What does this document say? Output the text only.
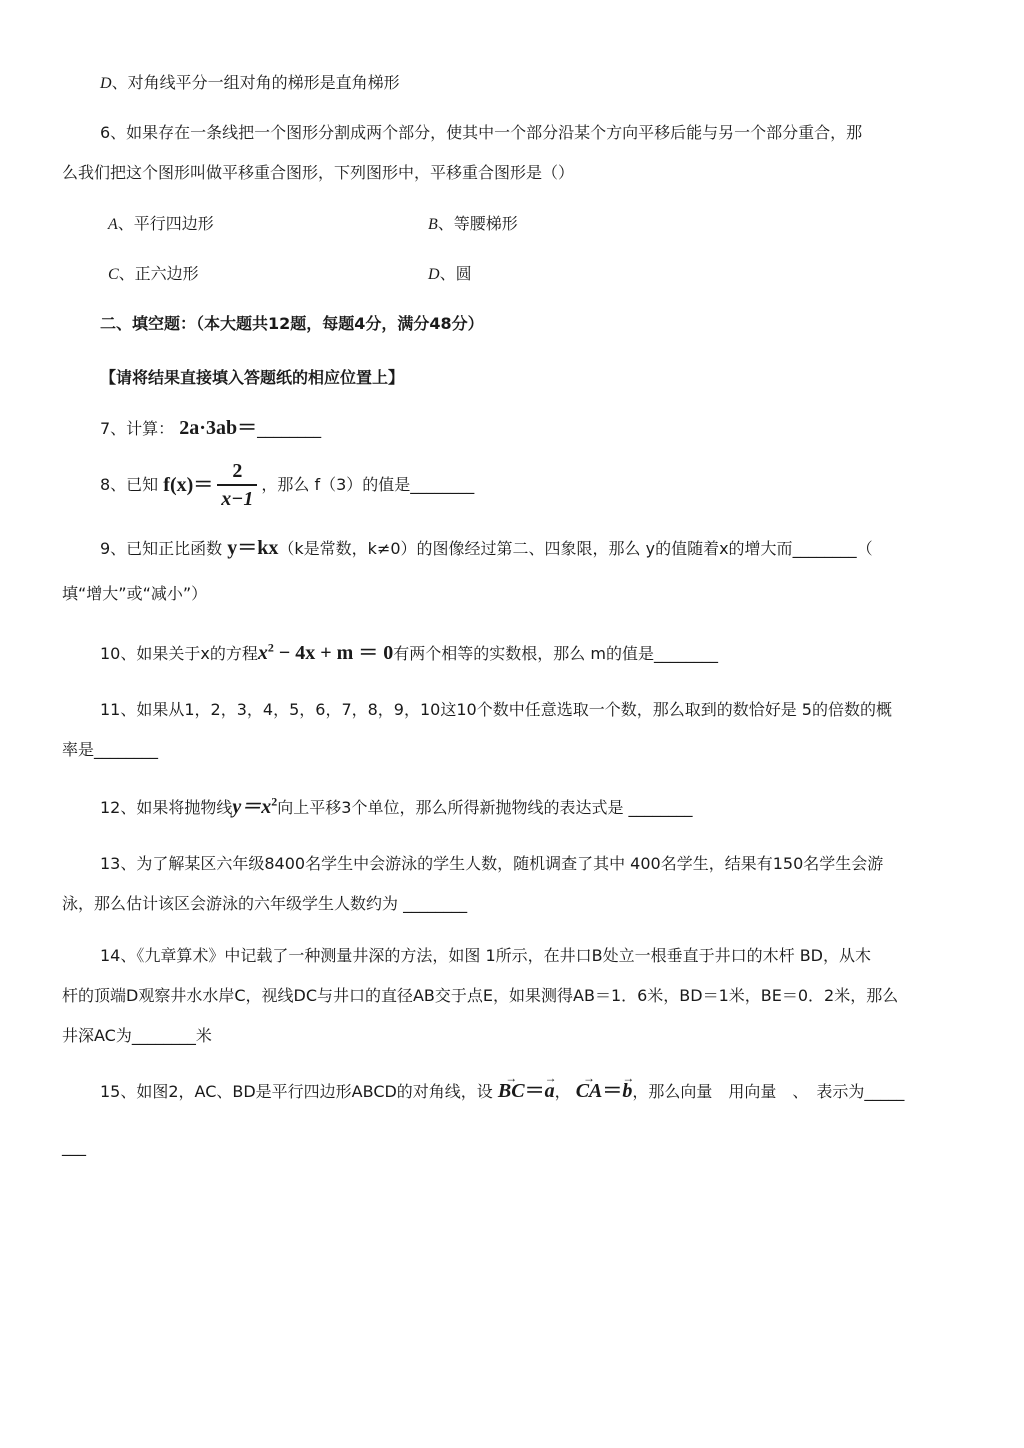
D、对角线平分一组对角的梯形是直角梯形
6、如果存在一条线把一个图形分割成两个部分，使其中一个部分沿某个方向平移后能与另一个部分重合，那
么我们把这个图形叫做平移重合图形，下列图形中，平移重合图形是（）
A、平行四边形	B、等腰梯形
C、正六边形	D、圆
二、填空题：（本大题共12题，每题4分，满分48分）
【请将结果直接填入答题纸的相应位置上】
7、计算： 2a·3ab＝________
8、已知 $f(x)= \frac{2}{x-1}$ ，那么 f（3）的值是________
9、已知正比函数 y＝kx（k是常数，k≠0）的图像经过第二、四象限，那么 y的值随着x的增大而________（
填“增大”或“减小”）
10、如果关于x的方程$x^2 - 4x + m = 0$有两个相等的实数根，那么 m的值是________
11、如果从1，2，3，4，5，6，7，8，9，10这10个数中任意选取一个数，那么取到的数恰好是 5的倍数的概
率是________
12、如果将抛物线$y=x^2$向上平移3个单位，那么所得新抛物线的表达式是 ________
13、为了解某区六年级8400名学生中会游泳的学生人数，随机调查了其中 400名学生，结果有150名学生会游
泳，那么估计该区会游泳的六年级学生人数约为 ________
14、《九章算术》中记载了一种测量井深的方法，如图 1所示，在井口B处立一根垂直于井口的木杆 BD，从木
杆的顶端D观察井水水岸C，视线DC与井口的直径AB交于点E，如果测得AB＝1．6米，BD＝1米，BE＝0．2米，那么
井深AC为________米
15、如图2，AC、BD是平行四边形ABCD的对角线，设 → BC＝→ a， → CA＝→ b，那么向量　用向量　、　表示为_____
___
